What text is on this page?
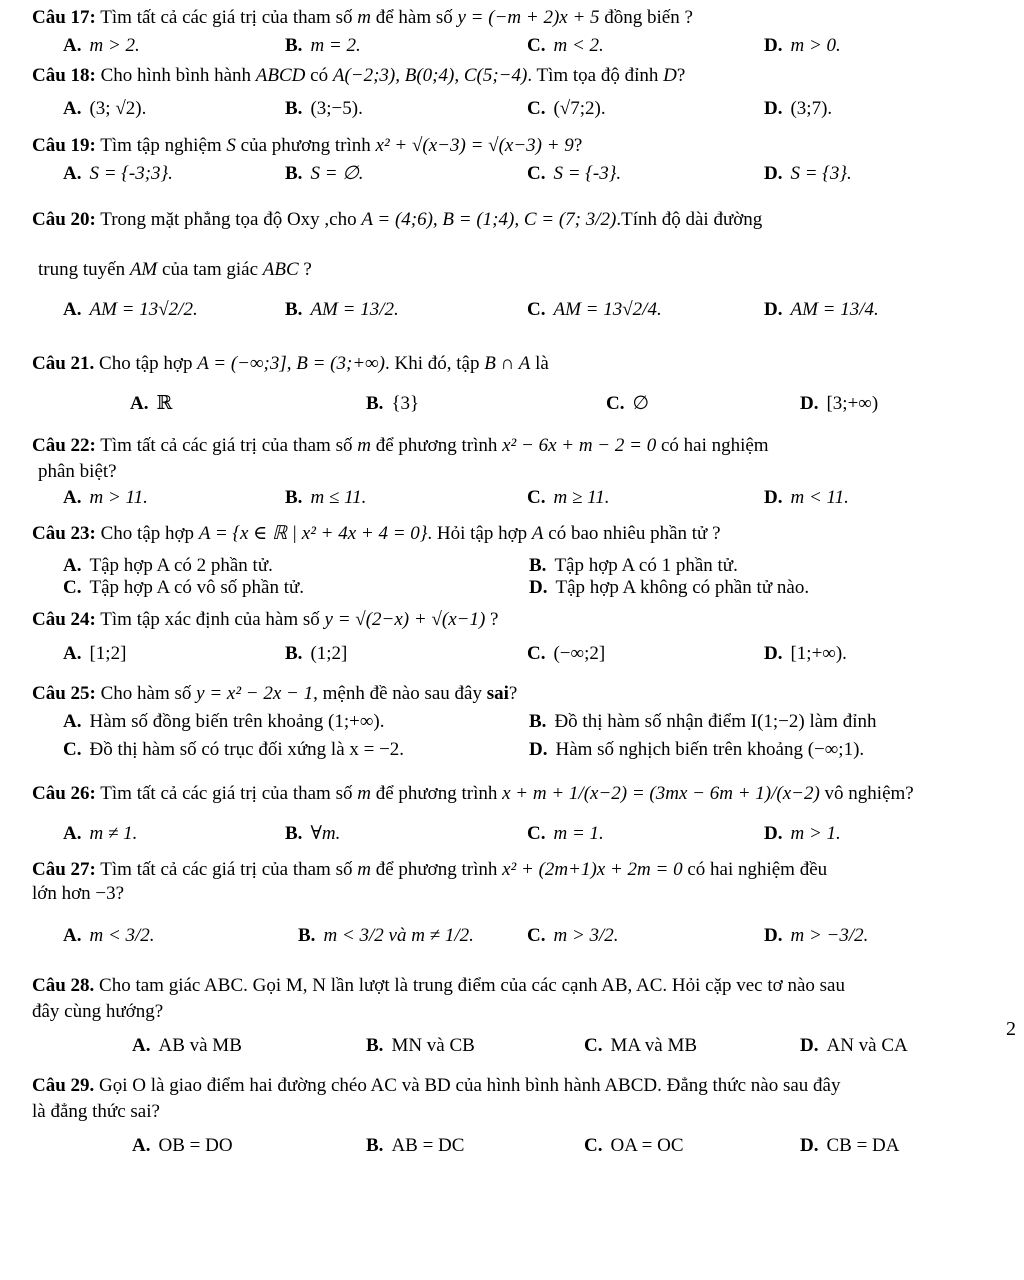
Câu 17: Tìm tất cả các giá trị của tham số m để hàm số y = (−m + 2)x + 5 đồng biến ?
A. m > 2.	B. m = 2.	C. m < 2.	D. m > 0.
Câu 18: Cho hình bình hành ABCD có A(−2;3), B(0;4), C(5;−4). Tìm tọa độ đỉnh D?
A. (3; √2).	B. (3;−5).	C. (√7;2).	D. (3;7).
Câu 19: Tìm tập nghiệm S của phương trình x² + √(x−3) = √(x−3) + 9?
A. S = {-3;3}.	B. S = ∅.	C. S = {-3}.	D. S = {3}.
Câu 20: Trong mặt phẳng tọa độ Oxy ,cho A = (4;6), B = (1;4), C = (7; 3/2).Tính độ dài đường
trung tuyến AM của tam giác ABC ?
A. AM = 13√2/2.	B. AM = 13/2.	C. AM = 13√2/4.	D. AM = 13/4.
Câu 21. Cho tập hợp A = (−∞;3], B = (3;+∞). Khi đó, tập B ∩ A là
A. ℝ	B. {3}	C. ∅	D. [3;+∞)
Câu 22: Tìm tất cả các giá trị của tham số m để phương trình x² − 6x + m − 2 = 0 có hai nghiệm
phân biệt?
A. m > 11.	B. m ≤ 11.	C. m ≥ 11.	D. m < 11.
Câu 23: Cho tập hợp A = {x ∈ ℝ | x² + 4x + 4 = 0}. Hỏi tập hợp A có bao nhiêu phần tử ?
A. Tập hợp A có 2 phần tử.	B. Tập hợp A có 1 phần tử.
C. Tập hợp A có vô số phần tử.	D. Tập hợp A không có phần tử nào.
Câu 24: Tìm tập xác định của hàm số y = √(2−x) + √(x−1) ?
A. [1;2]	B. (1;2]	C. (−∞;2]	D. [1;+∞).
Câu 25: Cho hàm số y = x² − 2x − 1, mệnh đề nào sau đây sai?
A. Hàm số đồng biến trên khoảng (1;+∞).	B. Đồ thị hàm số nhận điểm I(1;−2) làm đỉnh
C. Đồ thị hàm số có trục đối xứng là x = −2.	D. Hàm số nghịch biến trên khoảng (−∞;1).
Câu 26: Tìm tất cả các giá trị của tham số m để phương trình x + m + 1/(x−2) = (3mx − 6m + 1)/(x−2) vô nghiệm?
A. m ≠ 1.	B. ∀m.	C. m = 1.	D. m > 1.
Câu 27: Tìm tất cả các giá trị của tham số m để phương trình x² + (2m+1)x + 2m = 0 có hai nghiệm đều
lớn hơn −3?
A. m < 3/2.	B. m < 3/2 và m ≠ 1/2.	C. m > 3/2.	D. m > −3/2.
Câu 28. Cho tam giác ABC. Gọi M, N lần lượt là trung điểm của các cạnh AB, AC. Hỏi cặp vec tơ nào sau
đây cùng hướng?
A. AB và MB	B. MN và CB	C. MA và MB	D. AN và CA
Câu 29. Gọi O là giao điểm hai đường chéo AC và BD của hình bình hành ABCD. Đẳng thức nào sau đây
là đẳng thức sai?
A. OB = DO	B. AB = DC	C. OA = OC	D. CB = DA
2
